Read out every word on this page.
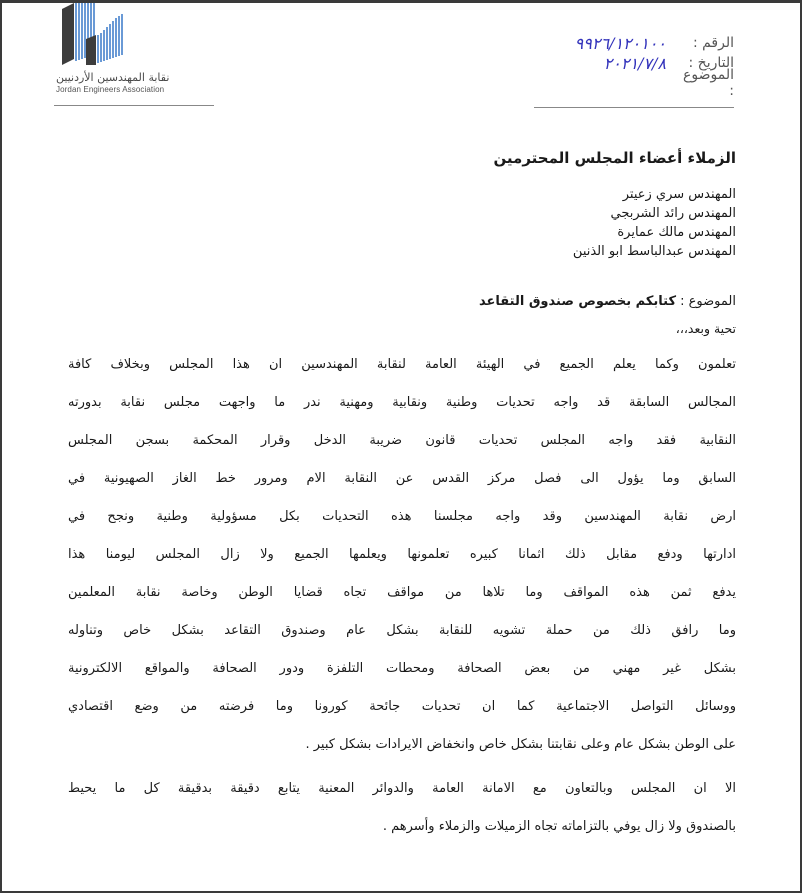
نقابة المهندسين الأردنيين
Jordan Engineers Association
الرقم :
٩٩٢٦/١٢٠١٠٠
التاريخ :
٢٠٢١/٧/٨
الموضوع :
الزملاء أعضاء المجلس المحترمين
المهندس سري زعيتر
المهندس رائد الشربجي
المهندس مالك عمايرة
المهندس عبدالباسط ابو الذنين
الموضوع : كتابكم بخصوص صندوق التقاعد
تحية وبعد،،،
تعلمون وكما يعلم الجميع في الهيئة العامة لنقابة المهندسين ان هذا المجلس وبخلاف كافة
المجالس السابقة قد واجه تحديات وطنية ونقابية ومهنية ندر ما واجهت مجلس نقابة بدورته
النقابية فقد واجه المجلس تحديات قانون ضريبة الدخل وقرار المحكمة بسجن المجلس
السابق وما يؤول الى فصل مركز القدس عن النقابة الام ومرور خط الغاز الصهيونية في
ارض نقابة المهندسين وقد واجه مجلسنا هذه التحديات بكل مسؤولية وطنية ونجح في
ادارتها ودفع مقابل ذلك اثمانا كبيره تعلمونها ويعلمها الجميع ولا زال المجلس ليومنا هذا
يدفع ثمن هذه المواقف وما تلاها من مواقف تجاه قضايا الوطن وخاصة نقابة المعلمين
وما رافق ذلك من حملة تشويه للنقابة بشكل عام وصندوق التقاعد بشكل خاص وتناوله
بشكل غير مهني من بعض الصحافة ومحطات التلفزة ودور الصحافة والمواقع الالكترونية
ووسائل التواصل الاجتماعية كما ان تحديات جائحة كورونا وما فرضته من وضع اقتصادي
على الوطن بشكل عام وعلى نقابتنا بشكل خاص وانخفاض الايرادات بشكل كبير .
الا ان المجلس وبالتعاون مع الامانة العامة والدوائر المعنية يتابع دقيقة بدقيقة كل ما يحيط
بالصندوق ولا زال يوفي بالتزاماته تجاه الزميلات والزملاء وأسرهم .
